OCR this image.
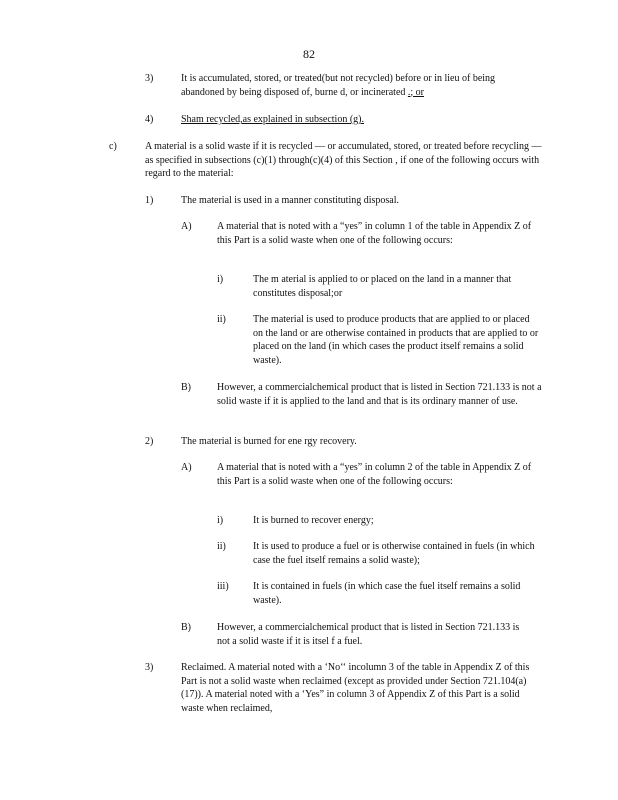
82
3)	It is accumulated, stored, or treated(but not recycled) before or in lieu of being abandoned by being disposed of, burne d, or incinerated .; or
4)	Sham recycled,as explained in subsection (g).
c)	A material is a solid waste if it is recycled — or accumulated, stored, or treated before recycling — as specified in subsections (c)(1) through(c)(4) of this Section , if one of the following occurs with regard to the material:
1)	The material is used in a manner constituting disposal.
A)	A material that is noted with a “yes” in column 1 of the table in Appendix Z of this Part is a solid waste when one of the following occurs:
i)	The m aterial is applied to or placed on the land in a manner that constitutes disposal;or
ii)	The material is used to produce products that are applied to or placed on the land or are otherwise contained in products that are applied to or placed on the land (in which cases the product itself remains a solid waste).
B)	However, a commercialchemical product that is listed in Section 721.133 is not a solid waste if it is applied to the land and that is its ordinary manner of use.
2)	The material is burned for ene rgy recovery.
A)	A material that is noted with a “yes” in column 2 of the table in Appendix Z of this Part is a solid waste when one of the following occurs:
i)	It is burned to recover energy;
ii)	It is used to produce a fuel or is otherwise contained in fuels (in which case the fuel itself remains a solid waste);
iii) It is contained in fuels (in which case the fuel itself remains a solid waste).
B)	However, a commercialchemical product that is listed in Section 721.133 is not a solid waste if it is itsel f a fuel.
3)	Reclaimed. A material noted with a ‘No‘‘ incolumn 3 of the table in Appendix Z of this Part is not a solid waste when reclaimed (except as provided under Section 721.104(a)(17)). A material noted with a ‘Yes” in column 3 of Appendix Z of this Part is a solid waste when reclaimed,
